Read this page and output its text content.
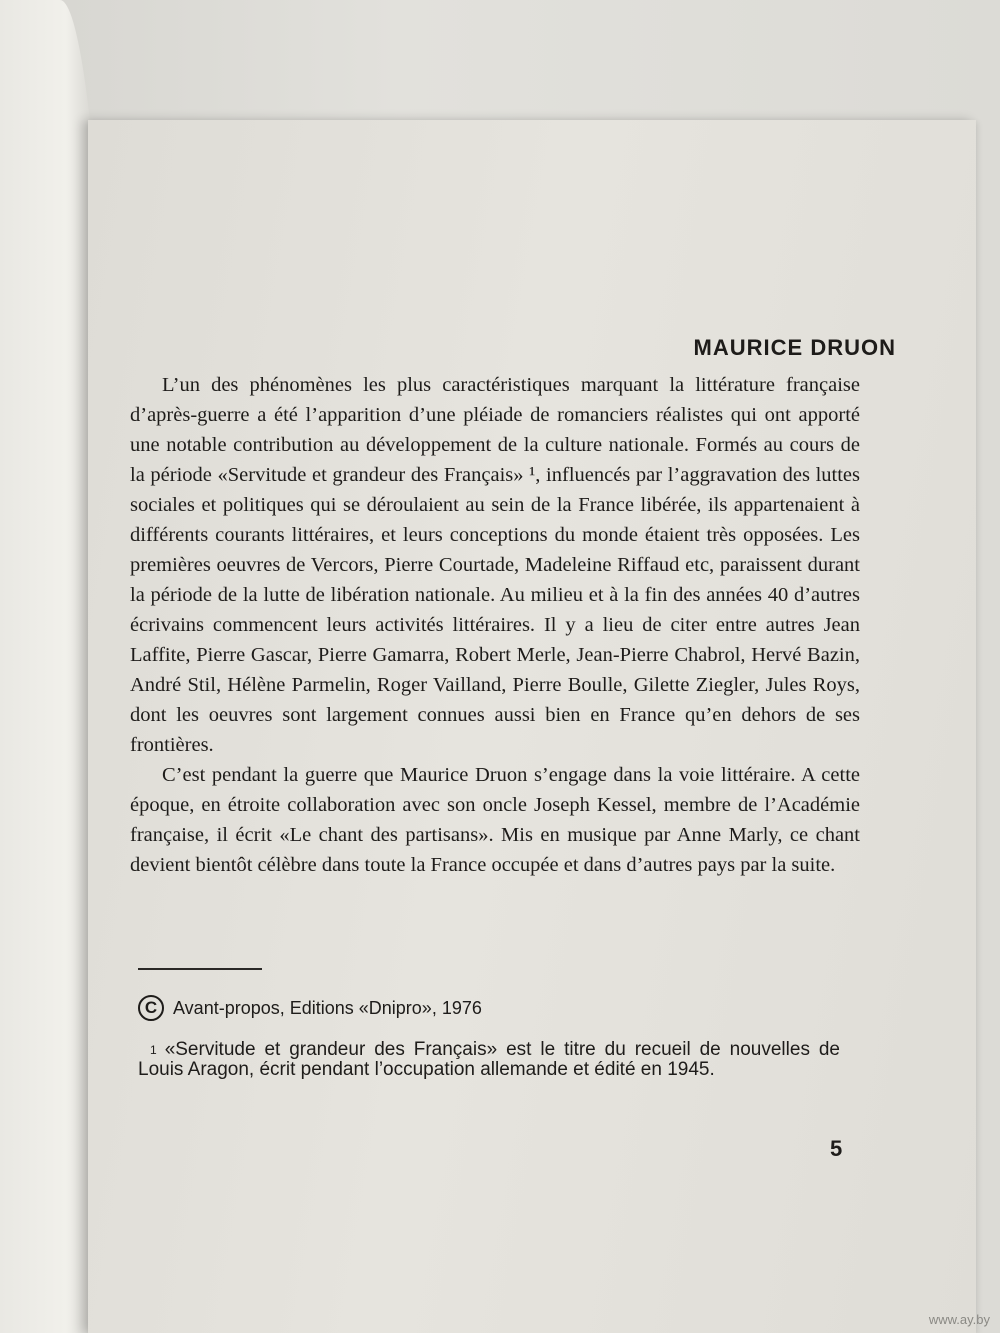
MAURICE DRUON

L’un des phénomènes les plus caractéristiques marquant la littérature française d’après-guerre a été l’apparition d’une pléiade de romanciers réalistes qui ont apporté une notable contribution au développement de la culture nationale. Formés au cours de la période «Servitude et grandeur des Français» ¹, influencés par l’aggravation des luttes sociales et politiques qui se déroulaient au sein de la France libérée, ils appartenaient à différents courants littéraires, et leurs conceptions du monde étaient très opposées. Les premières oeuvres de Vercors, Pierre Courtade, Madeleine Riffaud etc, paraissent durant la période de la lutte de libération nationale. Au milieu et à la fin des années 40 d’autres écrivains commencent leurs activités littéraires. Il y a lieu de citer entre autres Jean Laffite, Pierre Gascar, Pierre Gamarra, Robert Merle, Jean-Pierre Chabrol, Hervé Bazin, André Stil, Hélène Parmelin, Roger Vailland, Pierre Boulle, Gilette Ziegler, Jules Roys, dont les oeuvres sont largement connues aussi bien en France qu’en dehors de ses frontières.

C’est pendant la guerre que Maurice Druon s’engage dans la voie littéraire. A cette époque, en étroite collaboration avec son oncle Joseph Kessel, membre de l’Académie française, il écrit «Le chant des partisans». Mis en musique par Anne Marly, ce chant devient bientôt célèbre dans toute la France occupée et dans d’autres pays par la suite.

C Avant-propos, Editions «Dnipro», 1976
$^1$ «Servitude et grandeur des Français» est le titre du recueil de nouvelles de Louis Aragon, écrit pendant l’occupation allemande et édité en 1945.
5
www.ay.by
